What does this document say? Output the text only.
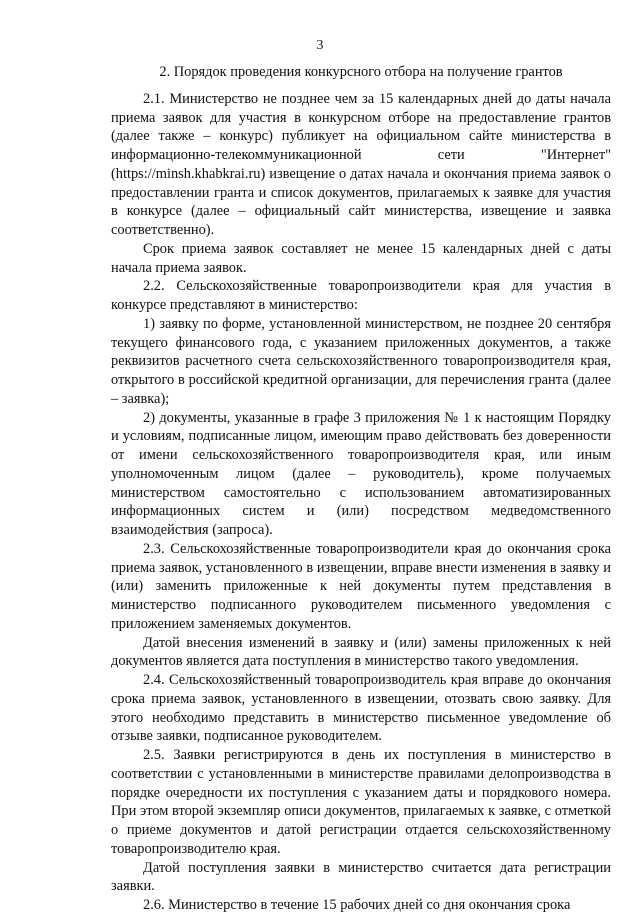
3
2. Порядок проведения конкурсного отбора на получение грантов

2.1. Министерство не позднее чем за 15 календарных дней до даты начала приема заявок для участия в конкурсном отборе на предоставление грантов (далее также – конкурс) публикует на официальном сайте министерства в информационно-телекоммуникационной сети "Интернет" (https://minsh.khabkrai.ru) извещение о датах начала и окончания приема заявок о предоставлении гранта и список документов, прилагаемых к заявке для участия в конкурсе (далее – официальный сайт министерства, извещение и заявка соответственно).

Срок приема заявок составляет не менее 15 календарных дней с даты начала приема заявок.

2.2. Сельскохозяйственные товаропроизводители края для участия в конкурсе представляют в министерство:

1) заявку по форме, установленной министерством, не позднее 20 сентября текущего финансового года, с указанием приложенных документов, а также реквизитов расчетного счета сельскохозяйственного товаропроизводителя края, открытого в российской кредитной организации, для перечисления гранта (далее – заявка);

2) документы, указанные в графе 3 приложения № 1 к настоящим Порядку и условиям, подписанные лицом, имеющим право действовать без доверенности от имени сельскохозяйственного товаропроизводителя края, или иным уполномоченным лицом (далее – руководитель), кроме получаемых министерством самостоятельно с использованием автоматизированных информационных систем и (или) посредством медведомственного взаимодействия (запроса).

2.3. Сельскохозяйственные товаропроизводители края до окончания срока приема заявок, установленного в извещении, вправе внести изменения в заявку и (или) заменить приложенные к ней документы путем представления в министерство подписанного руководителем письменного уведомления с приложением заменяемых документов.

Датой внесения изменений в заявку и (или) замены приложенных к ней документов является дата поступления в министерство такого уведомления.

2.4. Сельскохозяйственный товаропроизводитель края вправе до окончания срока приема заявок, установленного в извещении, отозвать свою заявку. Для этого необходимо представить в министерство письменное уведомление об отзыве заявки, подписанное руководителем.

2.5. Заявки регистрируются в день их поступления в министерство в соответствии с установленными в министерстве правилами делопроизводства в порядке очередности их поступления с указанием даты и порядкового номера. При этом второй экземпляр описи документов, прилагаемых к заявке, с отметкой о приеме документов и датой регистрации отдается сельскохозяйственному товаропроизводителю края.

Датой поступления заявки в министерство считается дата регистрации заявки.

2.6. Министерство в течение 15 рабочих дней со дня окончания срока
